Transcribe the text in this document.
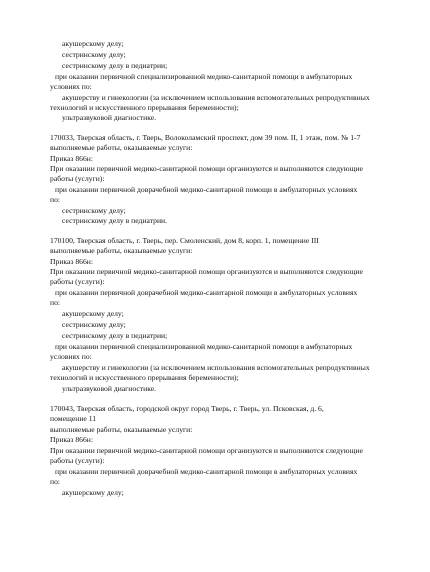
акушерскому делу;
сестринскому делу;
сестринскому делу в педиатрии;
при оказании первичной специализированной медико-санитарной помощи в амбулаторных
условиях по:
акушерству и гинекологии (за исключением использования вспомогательных репродуктивных
технологий и искусственного прерывания беременности);
ультразвуковой диагностике.
170033, Тверская область, г. Тверь, Волоколамский проспект, дом 39 пом. II, 1 этаж, пом. № 1-7
выполняемые работы, оказываемые услуги:
Приказ 866н:
При оказании первичной медико-санитарной помощи организуются и выполняются следующие
работы (услуги):
при оказании первичной доврачебной медико-санитарной помощи в амбулаторных условиях
по:
сестринскому делу;
сестринскому делу в педиатрии.
170100, Тверская область, г. Тверь, пер. Смоленский, дом 8, корп. 1, помещение III
выполняемые работы, оказываемые услуги:
Приказ 866н:
При оказании первичной медико-санитарной помощи организуются и выполняются следующие
работы (услуги):
при оказании первичной доврачебной медико-санитарной помощи в амбулаторных условиях
по:
акушерскому делу;
сестринскому делу;
сестринскому делу в педиатрии;
при оказании первичной специализированной медико-санитарной помощи в амбулаторных
условиях по:
акушерству и гинекологии (за исключением использования вспомогательных репродуктивных
технологий и искусственного прерывания беременности);
ультразвуковой диагностике.
170043, Тверская область, городской округ город Тверь, г. Тверь, ул. Псковская, д. 6,
помещение 11
выполняемые работы, оказываемые услуги:
Приказ 866н:
При оказании первичной медико-санитарной помощи организуются и выполняются следующие
работы (услуги):
при оказании первичной доврачебной медико-санитарной помощи в амбулаторных условиях
по:
акушерскому делу;
